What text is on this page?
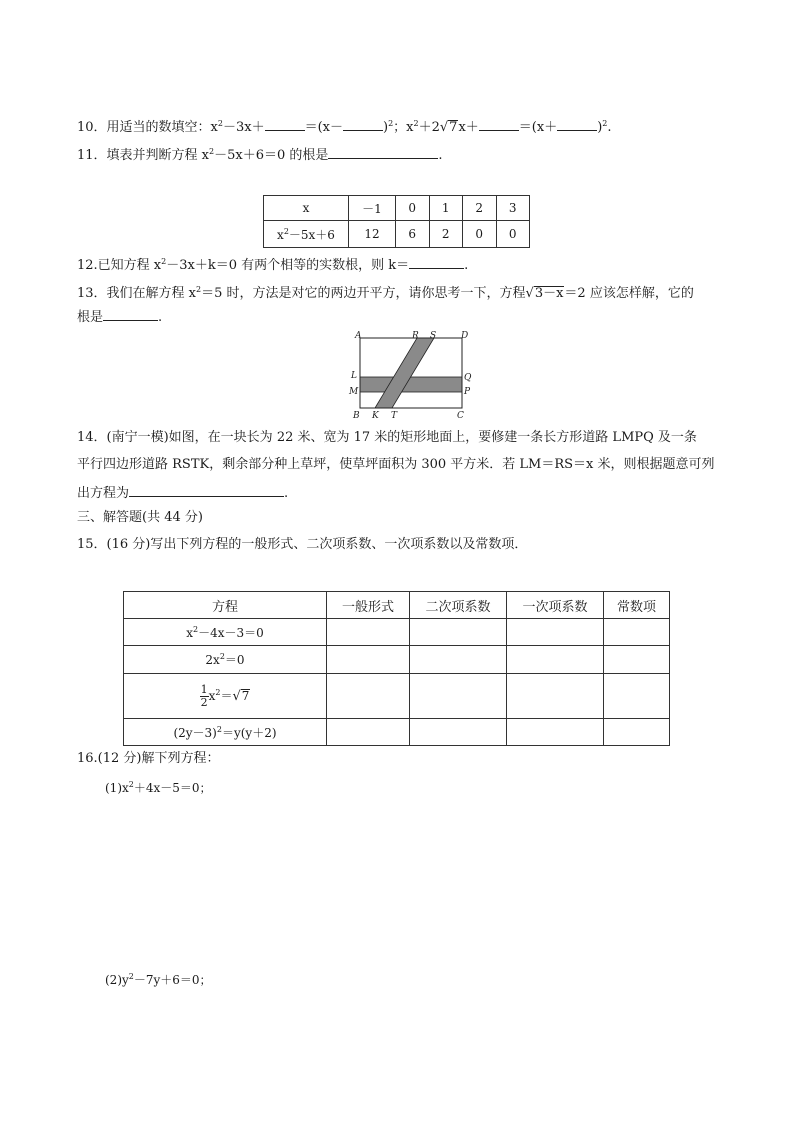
10．用适当的数填空：$x^2-3x+$	＝(x－	)$^2$；$x^2+2√7x+$	＝(x＋	)$^2$.
11．填表并判断方程 $x^2-5x+6=0$ 的根是	.
x	－1	0	1	2	3
$x^2-5x+6$	12	6	2	0	0
12.已知方程 $x^2-3x+k=0$ 有两个相等的实数根，则 k＝	.
13．我们在解方程 $x^2=5$ 时，方法是对它的两边开平方，请你思考一下，方程√3－x＝2 应该怎样解，它的
根是	.
A	R S	D
L	Q
M	P
B K T	C
14．(南宁一模)如图，在一块长为 22 米、宽为 17 米的矩形地面上，要修建一条长方形道路 LMPQ 及一条
平行四边形道路 RSTK，剩余部分种上草坪，使草坪面积为 300 平方米．若 LM＝RS＝x 米，则根据题意可列
出方程为	.
三、解答题(共 44 分)
15．(16 分)写出下列方程的一般形式、二次项系数、一次项系数以及常数项．
方程	一般形式	二次项系数	一次项系数	常数项
$x^2-4x-3=0$				
$2x^2=0$				

$\frac{1}{2} x^2=√7$				
$(2y-3)^2=y(y+2)$				
16.(12 分)解下列方程：
$(1)x^2+4x-5=0$；
$(2)y^2-7y+6=0$；
